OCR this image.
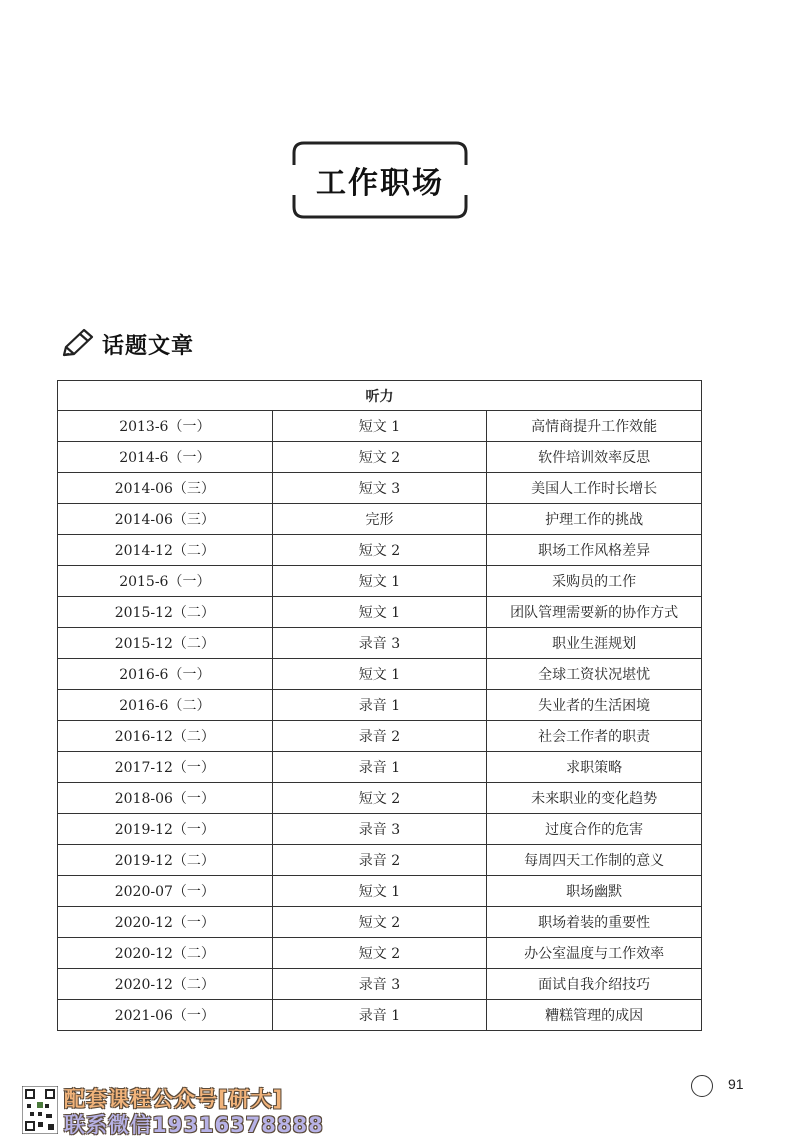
工作职场
话题文章
听力		
2013-6（一）	短文 1	高情商提升工作效能
2014-6（一）	短文 2	软件培训效率反思
2014-06（三）	短文 3	美国人工作时长增长
2014-06（三）	完形	护理工作的挑战
2014-12（二）	短文 2	职场工作风格差异
2015-6（一）	短文 1	采购员的工作
2015-12（二）	短文 1	团队管理需要新的协作方式
2015-12（二）	录音 3	职业生涯规划
2016-6（一）	短文 1	全球工资状况堪忧
2016-6（二）	录音 1	失业者的生活困境
2016-12（二）	录音 2	社会工作者的职责
2017-12（一）	录音 1	求职策略
2018-06（一）	短文 2	未来职业的变化趋势
2019-12（一）	录音 3	过度合作的危害
2019-12（二）	录音 2	每周四天工作制的意义
2020-07（一）	短文 1	职场幽默
2020-12（一）	短文 2	职场着装的重要性
2020-12（二）	短文 2	办公室温度与工作效率
2020-12（二）	录音 3	面试自我介绍技巧
2021-06（一）	录音 1	糟糕管理的成因
91
配套课程公众号[研大]
联系微信19316378888
